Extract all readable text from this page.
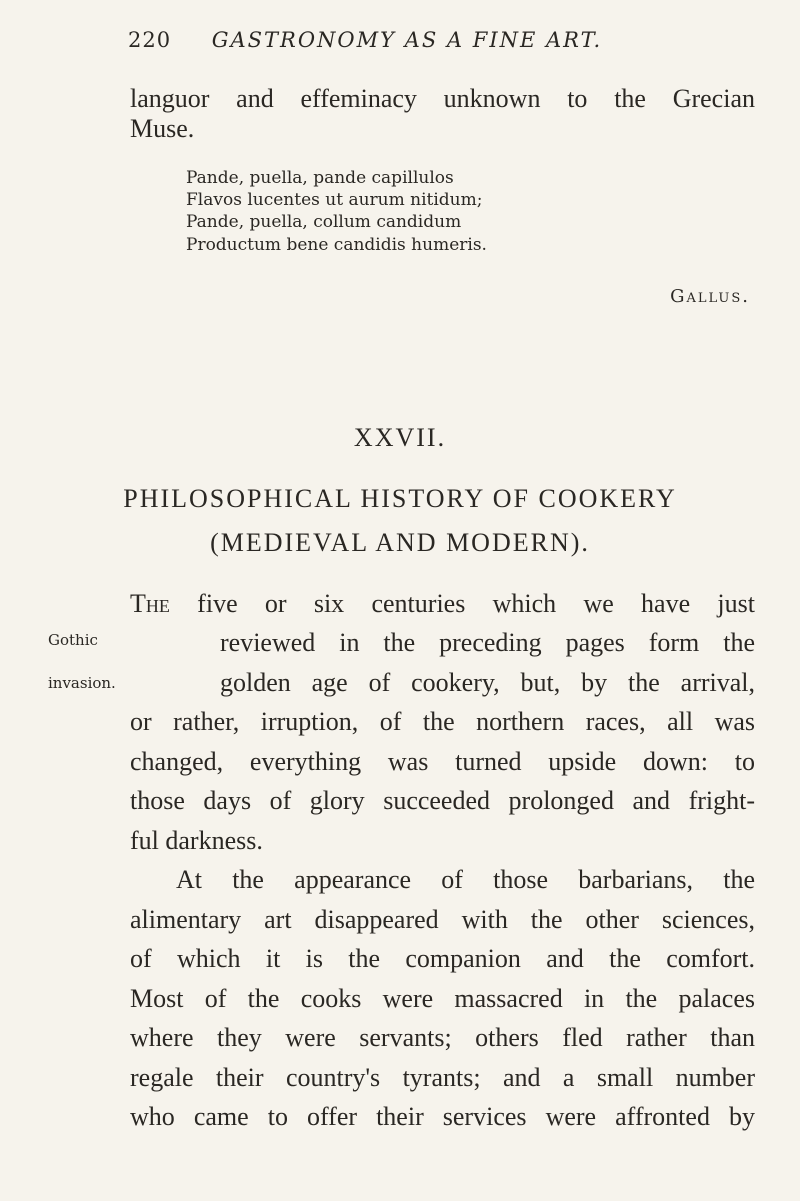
220 GASTRONOMY AS A FINE ART.
languor and effeminacy unknown to the Grecian
Muse.
Pande, puella, pande capillulos
Flavos lucentes ut aurum nitidum;
Pande, puella, collum candidum
Productum bene candidis humeris.
Gallus.
XXVII.
PHILOSOPHICAL HISTORY OF COOKERY
(MEDIEVAL AND MODERN).
Gothic
invasion.
The five or six centuries which we have just
reviewed in the preceding pages form the
golden age of cookery, but, by the arrival,
or rather, irruption, of the northern races, all was
changed, everything was turned upside down: to
those days of glory succeeded prolonged and fright-
ful darkness.
At the appearance of those barbarians, the
alimentary art disappeared with the other sciences,
of which it is the companion and the comfort.
Most of the cooks were massacred in the palaces
where they were servants; others fled rather than
regale their country's tyrants; and a small number
who came to offer their services were affronted by
